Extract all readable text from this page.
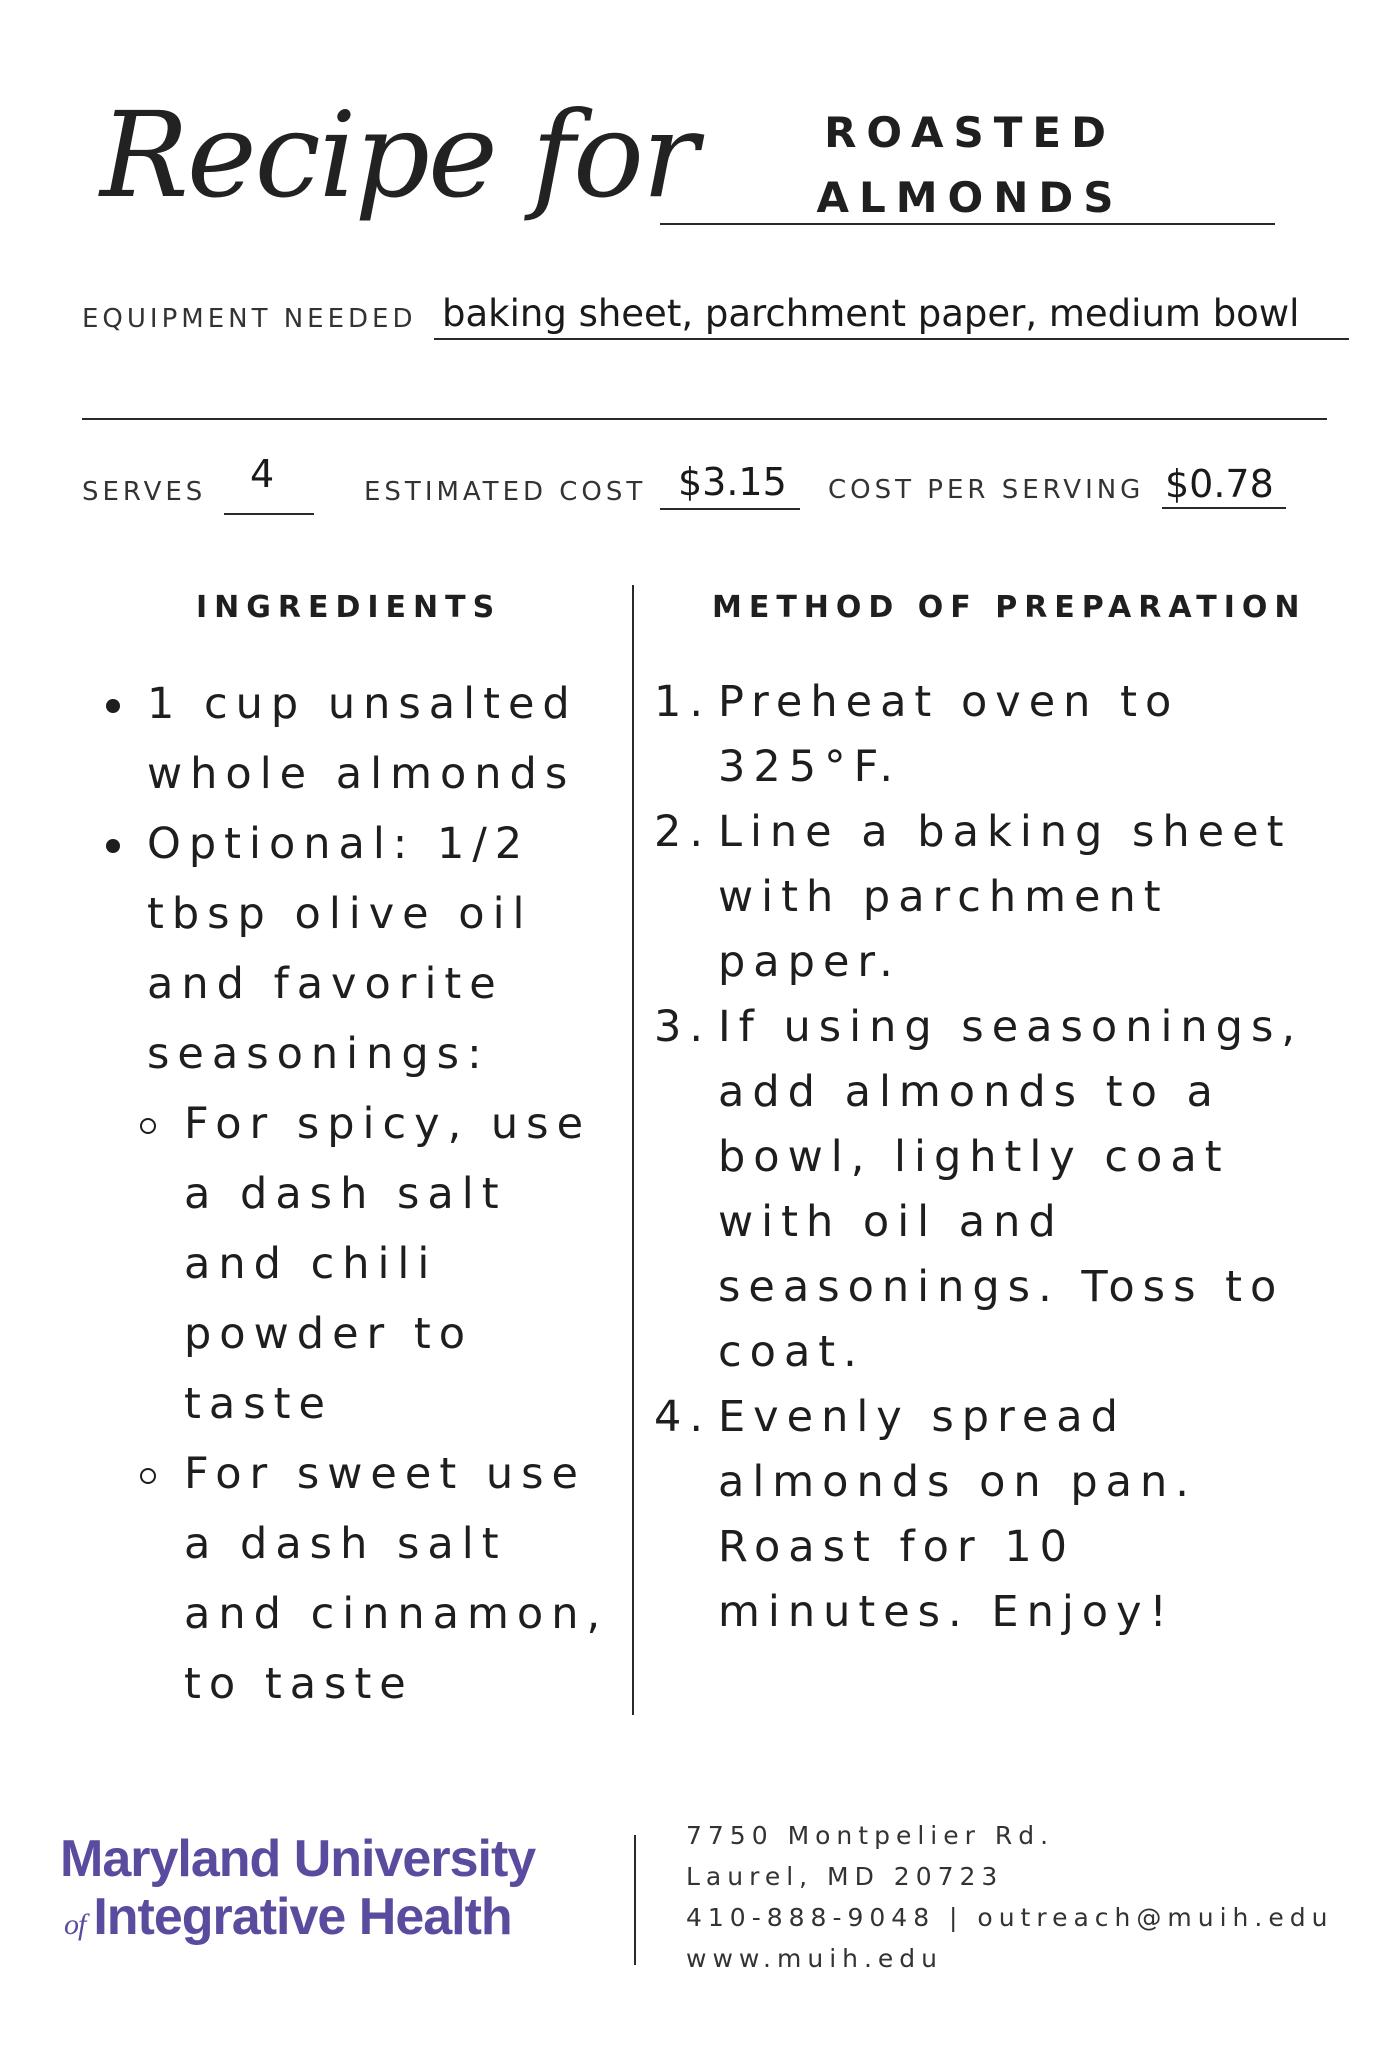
Recipe for	ROASTED
ALMONDS
EQUIPMENT NEEDED baking sheet, parchment paper, medium bowl
SERVES 4	ESTIMATED COST $3.15 COST PER SERVING $0.78
INGREDIENTS	METHOD OF PREPARATION
1 cup unsalted whole almonds
Optional: 1/2 tbsp olive oil and favorite seasonings:
For spicy, use a dash salt and chili powder to taste
For sweet use a dash salt and cinnamon, to taste
1. Preheat oven to 325°F.
2. Line a baking sheet with parchment paper.
3. If using seasonings, add almonds to a bowl, lightly coat with oil and seasonings. Toss to coat.
4. Evenly spread almonds on pan. Roast for 10 minutes. Enjoy!
Maryland University
of Integrative Health
7750 Montpelier Rd.
Laurel, MD 20723
410-888-9048 | outreach@muih.edu
www.muih.edu
